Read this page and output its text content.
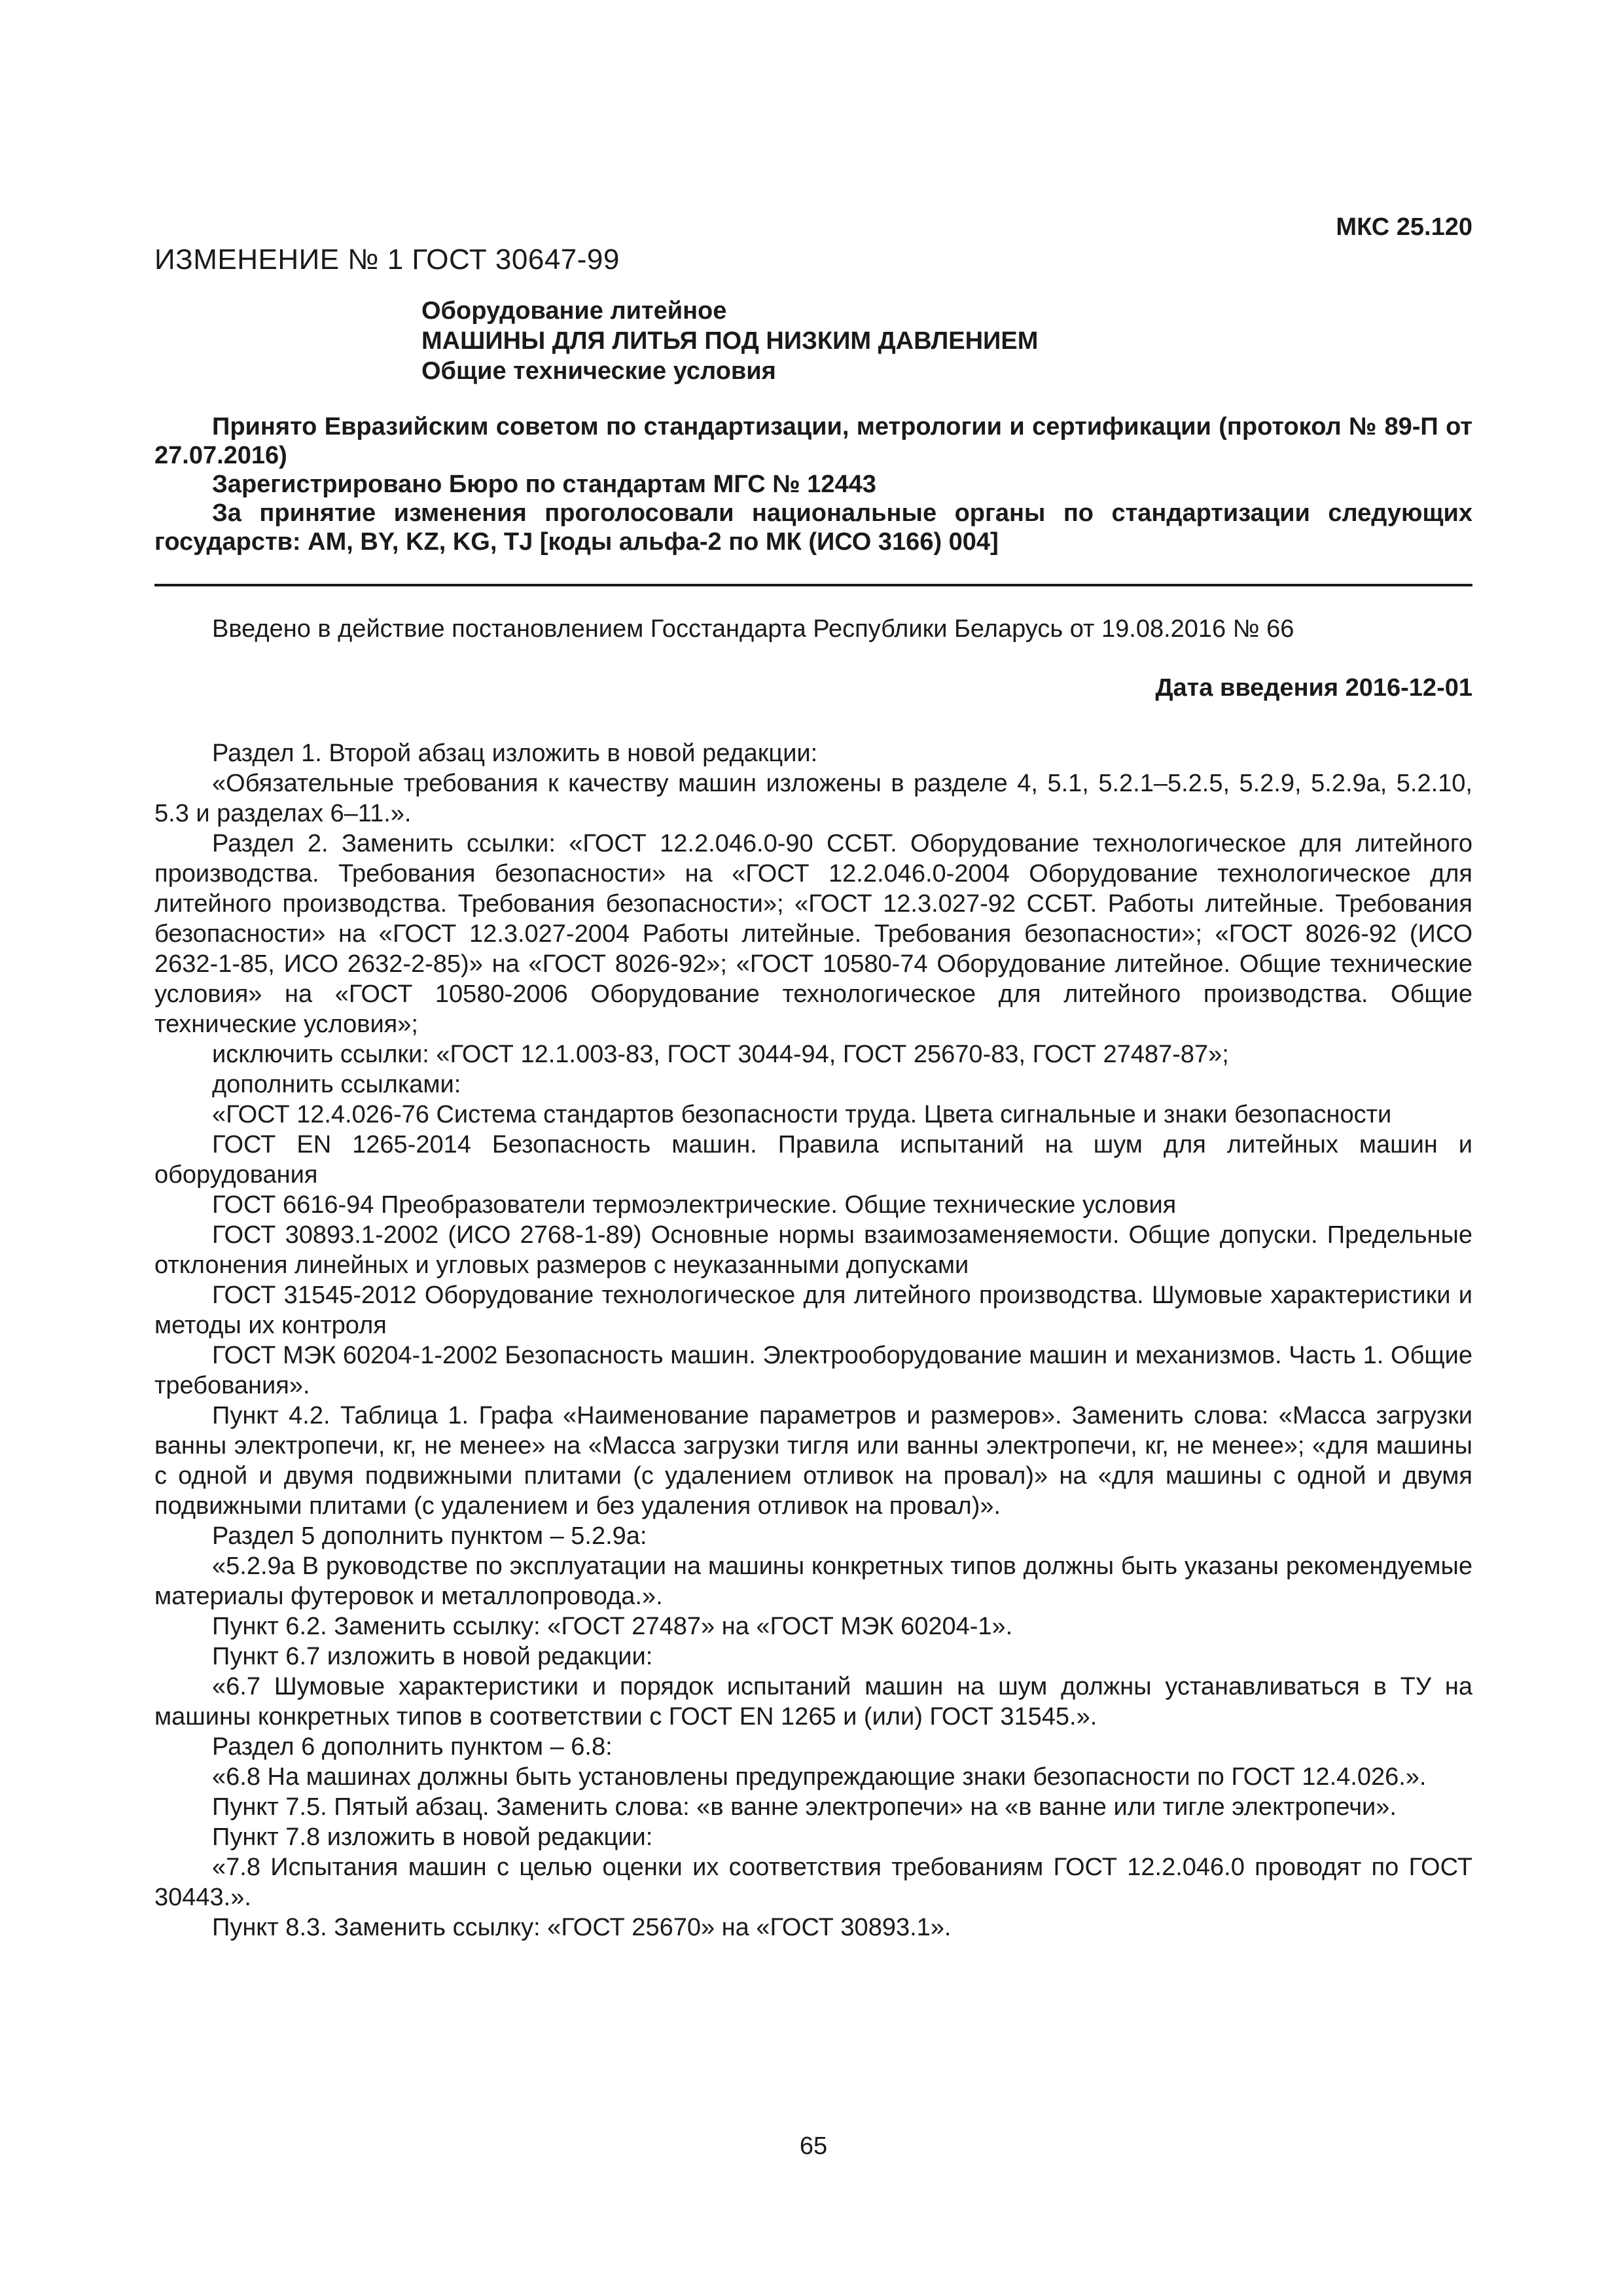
МКС 25.120
ИЗМЕНЕНИЕ № 1 ГОСТ 30647-99
Оборудование литейное
МАШИНЫ ДЛЯ ЛИТЬЯ ПОД НИЗКИМ ДАВЛЕНИЕМ
Общие технические условия

Принято Евразийским советом по стандартизации, метрологии и сертификации (протокол № 89-П от 27.07.2016)

Зарегистрировано Бюро по стандартам МГС № 12443

За принятие изменения проголосовали национальные органы по стандартизации следующих государств: AM, BY, KZ, KG, TJ [коды альфа-2 по МК (ИСО 3166) 004]

Введено в действие постановлением Госстандарта Республики Беларусь от 19.08.2016 № 66
Дата введения 2016-12-01

Раздел 1. Второй абзац изложить в новой редакции:

«Обязательные требования к качеству машин изложены в разделе 4, 5.1, 5.2.1–5.2.5, 5.2.9, 5.2.9а, 5.2.10, 5.3 и разделах 6–11.».

Раздел 2. Заменить ссылки: «ГОСТ 12.2.046.0-90 ССБТ. Оборудование технологическое для литейного производства. Требования безопасности» на «ГОСТ 12.2.046.0-2004 Оборудование технологическое для литейного производства. Требования безопасности»; «ГОСТ 12.3.027-92 ССБТ. Работы литейные. Требования безопасности» на «ГОСТ 12.3.027-2004 Работы литейные. Требования безопасности»; «ГОСТ 8026-92 (ИСО 2632-1-85, ИСО 2632-2-85)» на «ГОСТ 8026-92»; «ГОСТ 10580-74 Оборудование литейное. Общие технические условия» на «ГОСТ 10580-2006 Оборудование технологическое для литейного производства. Общие технические условия»;

исключить ссылки: «ГОСТ 12.1.003-83, ГОСТ 3044-94, ГОСТ 25670-83, ГОСТ 27487-87»;

дополнить ссылками:

«ГОСТ 12.4.026-76 Система стандартов безопасности труда. Цвета сигнальные и знаки безопасности

ГОСТ EN 1265-2014 Безопасность машин. Правила испытаний на шум для литейных машин и оборудования

ГОСТ 6616-94 Преобразователи термоэлектрические. Общие технические условия

ГОСТ 30893.1-2002 (ИСО 2768-1-89) Основные нормы взаимозаменяемости. Общие допуски. Предельные отклонения линейных и угловых размеров с неуказанными допусками

ГОСТ 31545-2012 Оборудование технологическое для литейного производства. Шумовые характеристики и методы их контроля

ГОСТ МЭК 60204-1-2002 Безопасность машин. Электрооборудование машин и механизмов. Часть 1. Общие требования».

Пункт 4.2. Таблица 1. Графа «Наименование параметров и размеров». Заменить слова: «Масса загрузки ванны электропечи, кг, не менее» на «Масса загрузки тигля или ванны электропечи, кг, не менее»; «для машины с одной и двумя подвижными плитами (с удалением отливок на провал)» на «для машины с одной и двумя подвижными плитами (с удалением и без удаления отливок на провал)».

Раздел 5 дополнить пунктом – 5.2.9а:

«5.2.9а В руководстве по эксплуатации на машины конкретных типов должны быть указаны рекомендуемые материалы футеровок и металлопровода.».

Пункт 6.2. Заменить ссылку: «ГОСТ 27487» на «ГОСТ МЭК 60204-1».

Пункт 6.7 изложить в новой редакции:

«6.7 Шумовые характеристики и порядок испытаний машин на шум должны устанавливаться в ТУ на машины конкретных типов в соответствии с ГОСТ EN 1265 и (или) ГОСТ 31545.».

Раздел 6 дополнить пунктом – 6.8:

«6.8 На машинах должны быть установлены предупреждающие знаки безопасности по ГОСТ 12.4.026.».

Пункт 7.5. Пятый абзац. Заменить слова: «в ванне электропечи» на «в ванне или тигле электропечи».

Пункт 7.8 изложить в новой редакции:

«7.8 Испытания машин с целью оценки их соответствия требованиям ГОСТ 12.2.046.0 проводят по ГОСТ 30443.».

Пункт 8.3. Заменить ссылку: «ГОСТ 25670» на «ГОСТ 30893.1».

65
